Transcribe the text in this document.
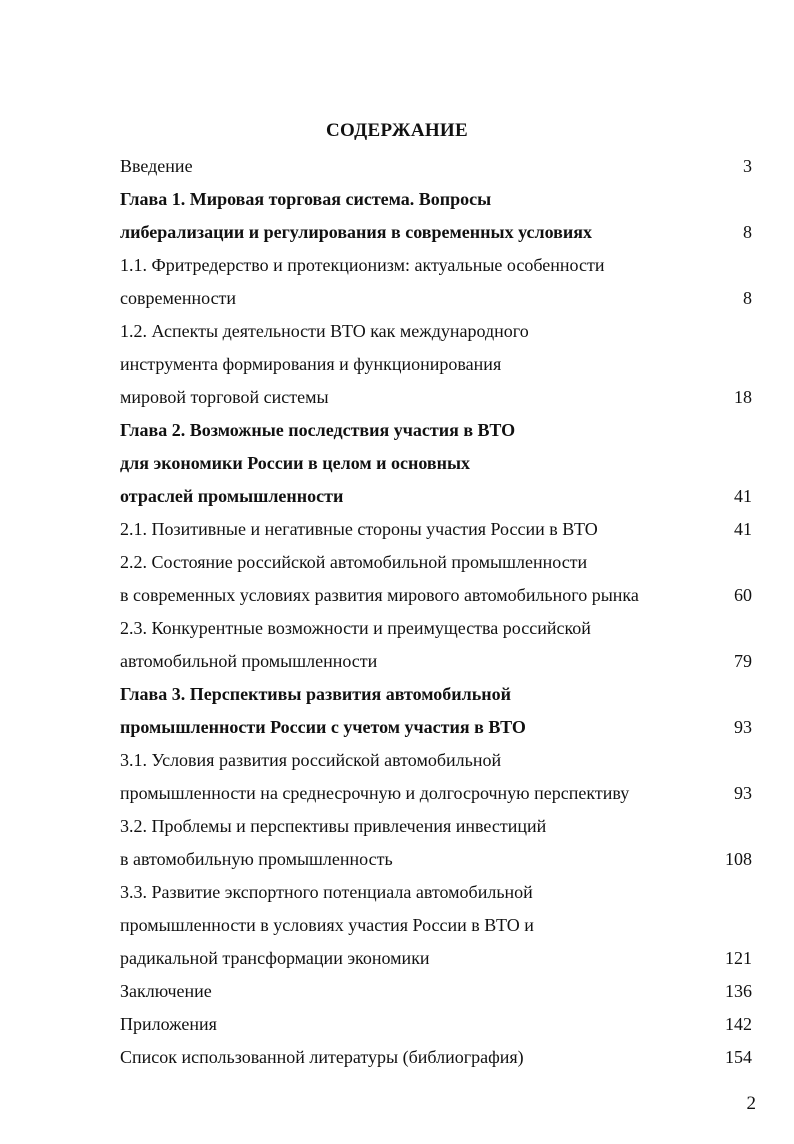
СОДЕРЖАНИЕ
Введение	3
Глава 1. Мировая торговая система. Вопросы
либерализации и регулирования в современных условиях	8
1.1. Фритредерство и протекционизм: актуальные особенности
современности	8
1.2. Аспекты деятельности ВТО как международного
инструмента формирования и функционирования
мировой торговой системы	18
Глава 2. Возможные последствия участия в ВТО
для экономики России в целом и основных
отраслей промышленности	41
2.1. Позитивные и негативные стороны участия России в ВТО	41
2.2. Состояние российской автомобильной промышленности
в современных условиях развития мирового автомобильного рынка	60
2.3. Конкурентные возможности и преимущества российской
автомобильной промышленности	79
Глава 3. Перспективы развития автомобильной
промышленности России с учетом участия в ВТО	93
3.1. Условия развития российской автомобильной
промышленности на среднесрочную и долгосрочную перспективу	93
3.2. Проблемы и перспективы привлечения инвестиций
в автомобильную промышленность	108
3.3. Развитие экспортного потенциала автомобильной
промышленности в условиях участия России в ВТО и
радикальной трансформации экономики	121
Заключение	136
Приложения	142
Список использованной литературы (библиография)	154
2
